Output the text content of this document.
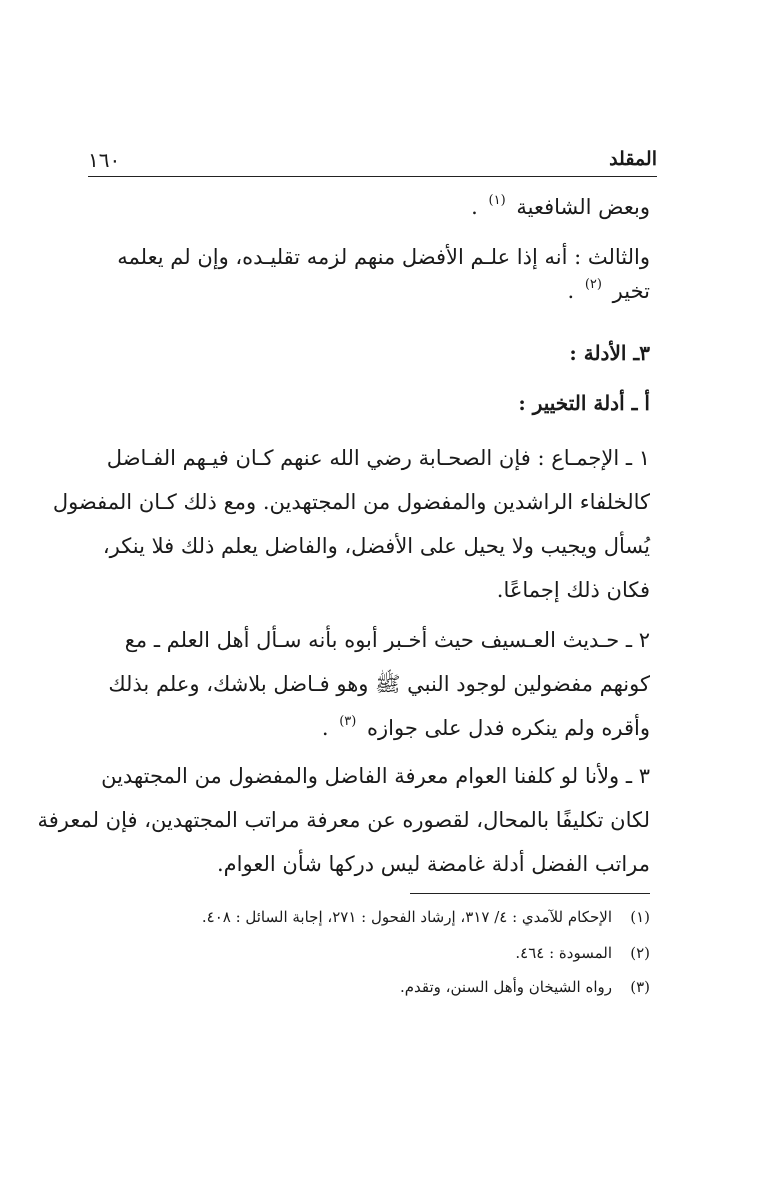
المقلد
١٦٠
وبعض الشافعية $^{(١)}$ .
والثالث : أنه إذا علـم الأفضل منهم لزمه تقليـده، وإن لم يعلمه
تخير $^{(٢)}$ .
٣ـ الأدلة :
أ ـ أدلة التخيير :
١ ـ الإجمـاع : فإن الصحـابة رضي الله عنهم كـان فيـهم الفـاضل
كالخلفاء الراشدين والمفضول من المجتهدين. ومع ذلك كـان المفضول
يُسأل ويجيب ولا يحيل على الأفضل، والفاضل يعلم ذلك فلا ينكر،
فكان ذلك إجماعًا.
٢ ـ حـديث العـسيف حيث أخـبر أبوه بأنه سـأل أهل العلم ـ مع
كونهم مفضولين لوجود النبي ﷺ وهو فـاضل بلاشك، وعلم بذلك
وأقره ولم ينكره فدل على جوازه $^{(٣)}$ .
٣ ـ ولأنا لو كلفنا العوام معرفة الفاضل والمفضول من المجتهدين
لكان تكليفًا بالمحال، لقصوره عن معرفة مراتب المجتهدين، فإن لمعرفة
مراتب الفضل أدلة غامضة ليس دركها شأن العوام.
(١)الإحكام للآمدي : ٤/ ٣١٧، إرشاد الفحول : ٢٧١، إجابة السائل : ٤٠٨.
(٢)المسودة : ٤٦٤.
(٣)رواه الشيخان وأهل السنن، وتقدم.
